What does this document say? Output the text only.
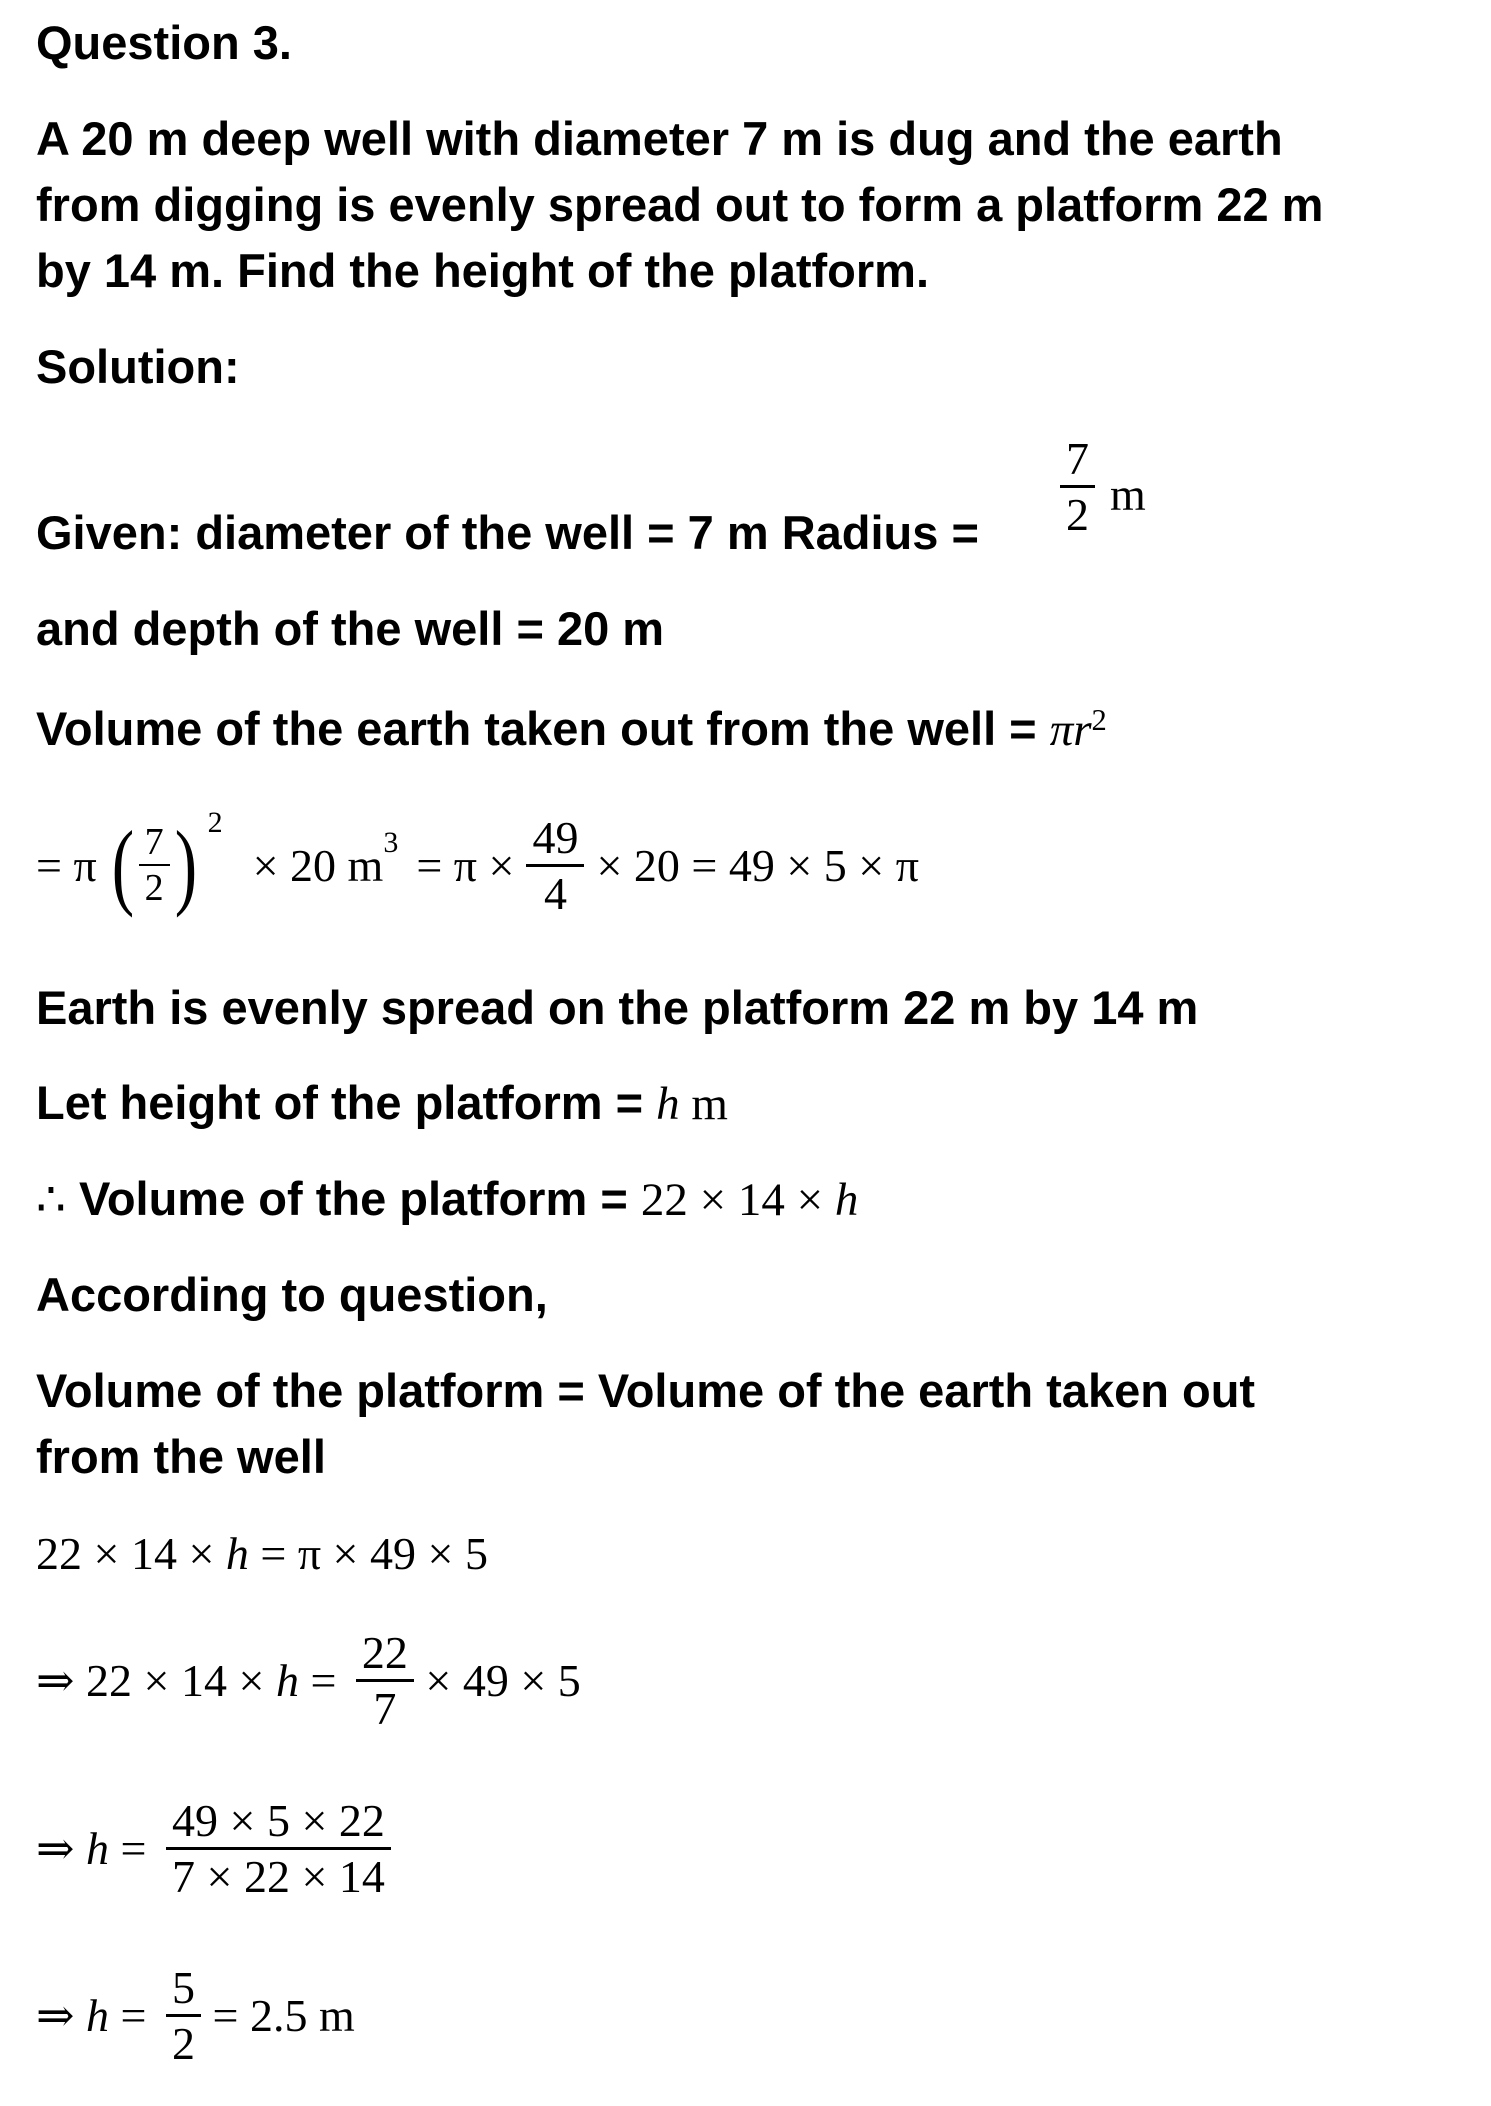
Question 3.
A 20 m deep well with diameter 7 m is dug and the earth
from digging is evenly spread out to form a platform 22 m
by 14 m. Find the height of the platform.
Solution:
Given: diameter of the well = 7 m Radius = $\frac{7}{2}$ m
and depth of the well = 20 m
Volume of the earth taken out from the well = $\pi r^2$
= π ( $\frac{7}{2}$ ) 2
× 20 m $3 = \pi \times \frac{49}{4} \times 20 = 49 \times 5 \times \pi$
Earth is evenly spread on the platform 22 m by 14 m
Let height of the platform = h m
∴ Volume of the platform = 22 × 14 × h
According to question,
Volume of the platform = Volume of the earth taken out
from the well
22 × 14 × h = π × 49 × 5
⇒ $22 \times 14 \times h = \frac{22}{7} \times 49 \times 5$
⇒ $h = \frac{49 \times 5 \times 22}{7 \times 22 \times 14}$
⇒ $h = \frac{5}{2} = 2.5$ m
